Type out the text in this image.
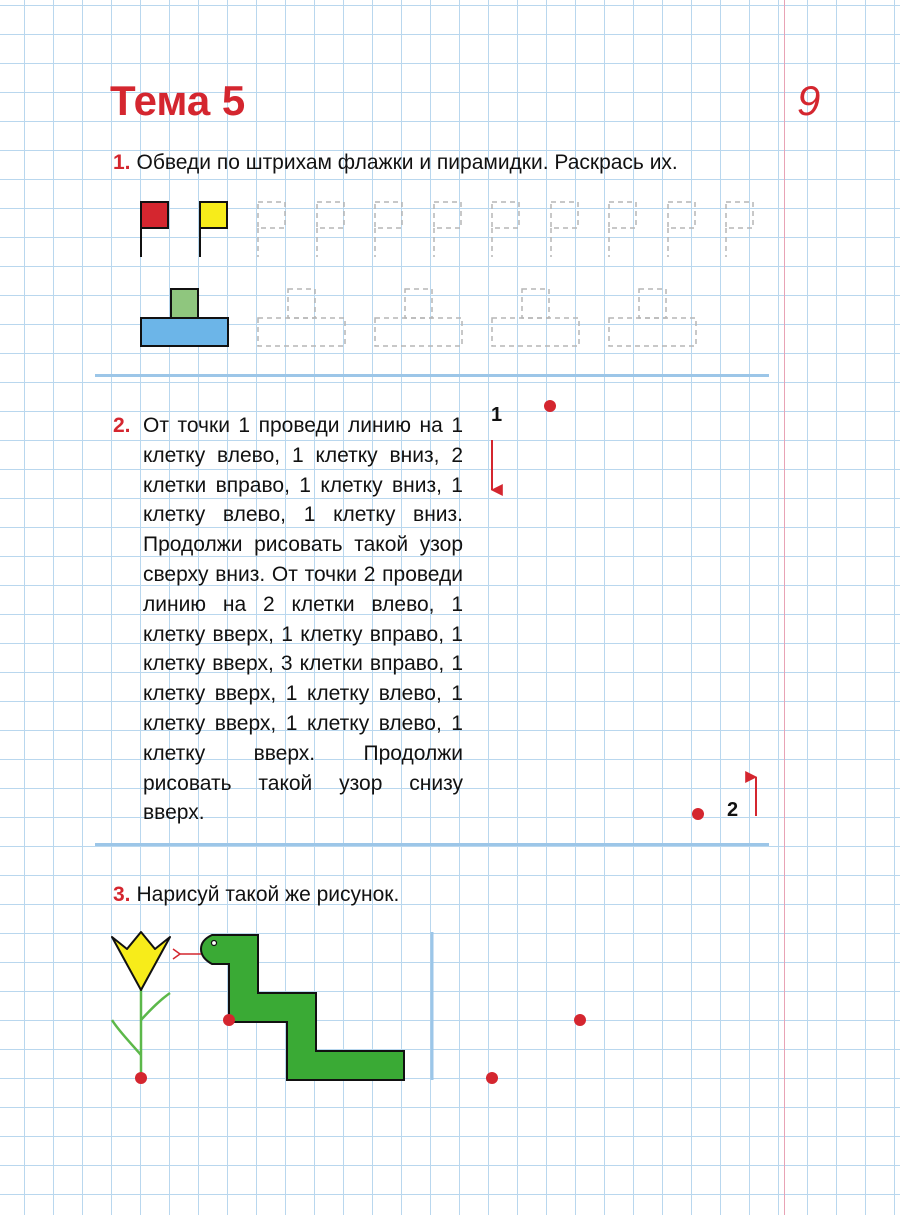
Тема 5	9
1. Обведи по штрихам флажки и пирамидки. Раскрась их.
2. От точки 1 проведи линию на 1 клетку влево, 1 клетку вниз, 2 клетки вправо, 1 клетку вниз, 1 клетку влево, 1 клетку вниз. Продолжи рисовать такой узор сверху вниз. От точки 2 проведи линию на 2 клетки влево, 1 клетку вверх, 1 клетку вправо, 1 клетку вверх, 3 клетки вправо, 1 клетку вверх, 1 клетку влево, 1 клетку вверх, 1 клетку влево, 1 клетку вверх. Продолжи рисовать такой узор снизу вверх.
1
2
3. Нарисуй такой же рисунок.
